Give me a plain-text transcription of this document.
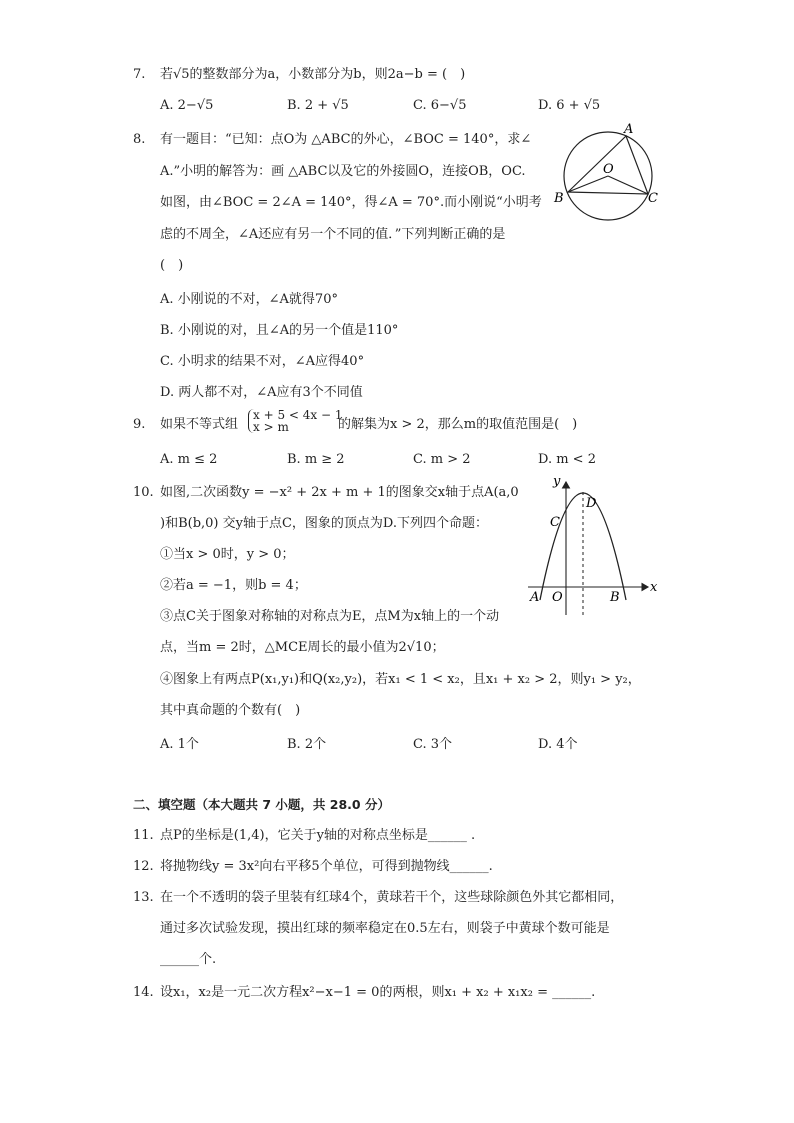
7. 若√5的整数部分为a，小数部分为b，则2a−b = (　)
A. 2−√5	B. 2 + √5	C. 6−√5	D. 6 + √5
8. 有一题目：“已知：点O为 △ABC的外心，∠BOC = 140°，求∠
A.”小明的解答为：画 △ABC以及它的外接圆O，连接OB，OC.
如图，由∠BOC = 2∠A = 140°，得∠A = 70°.而小刚说“小明考
虑的不周全，∠A还应有另一个不同的值．”下列判断正确的是
(　)
A. 小刚说的不对，∠A就得70°
B. 小刚说的对，且∠A的另一个值是110°
C. 小明求的结果不对，∠A应得40°
D. 两人都不对，∠A应有3个不同值
A
B	C
O
9. 如果不等式组
x + 5 < 4x − 1
x > m	的解集为x > 2，那么m的取值范围是(　)
A. m ≤ 2	B. m ≥ 2	C. m > 2	D. m < 2
10. 如图,二次函数y = −x² + 2x + m + 1的图象交x轴于点A(a,0
)和B(b,0) 交y轴于点C，图象的顶点为D.下列四个命题：
①当x > 0时，y > 0；
②若a = −1，则b = 4；
③点C关于图象对称轴的对称点为E，点M为x轴上的一个动
点，当m = 2时，△MCE周长的最小值为2√10；
④图象上有两点P(x₁,y₁)和Q(x₂,y₂)，若x₁ < 1 < x₂，且x₁ + x₂ > 2，则y₁ > y₂，
其中真命题的个数有(　)
A. 1个	B. 2个	C. 3个	D. 4个
y
x
D
C
A O	B
二、填空题（本大题共 7 小题，共 28.0 分）
11. 点P的坐标是(1,4)，它关于y轴的对称点坐标是______ .
12. 将抛物线y = 3x²向右平移5个单位，可得到抛物线______.
13. 在一个不透明的袋子里装有红球4个，黄球若干个，这些球除颜色外其它都相同，
通过多次试验发现，摸出红球的频率稳定在0.5左右，则袋子中黄球个数可能是
______个.
14. 设x₁，x₂是一元二次方程x²−x−1 = 0的两根，则x₁ + x₂ + x₁x₂ = ______.
